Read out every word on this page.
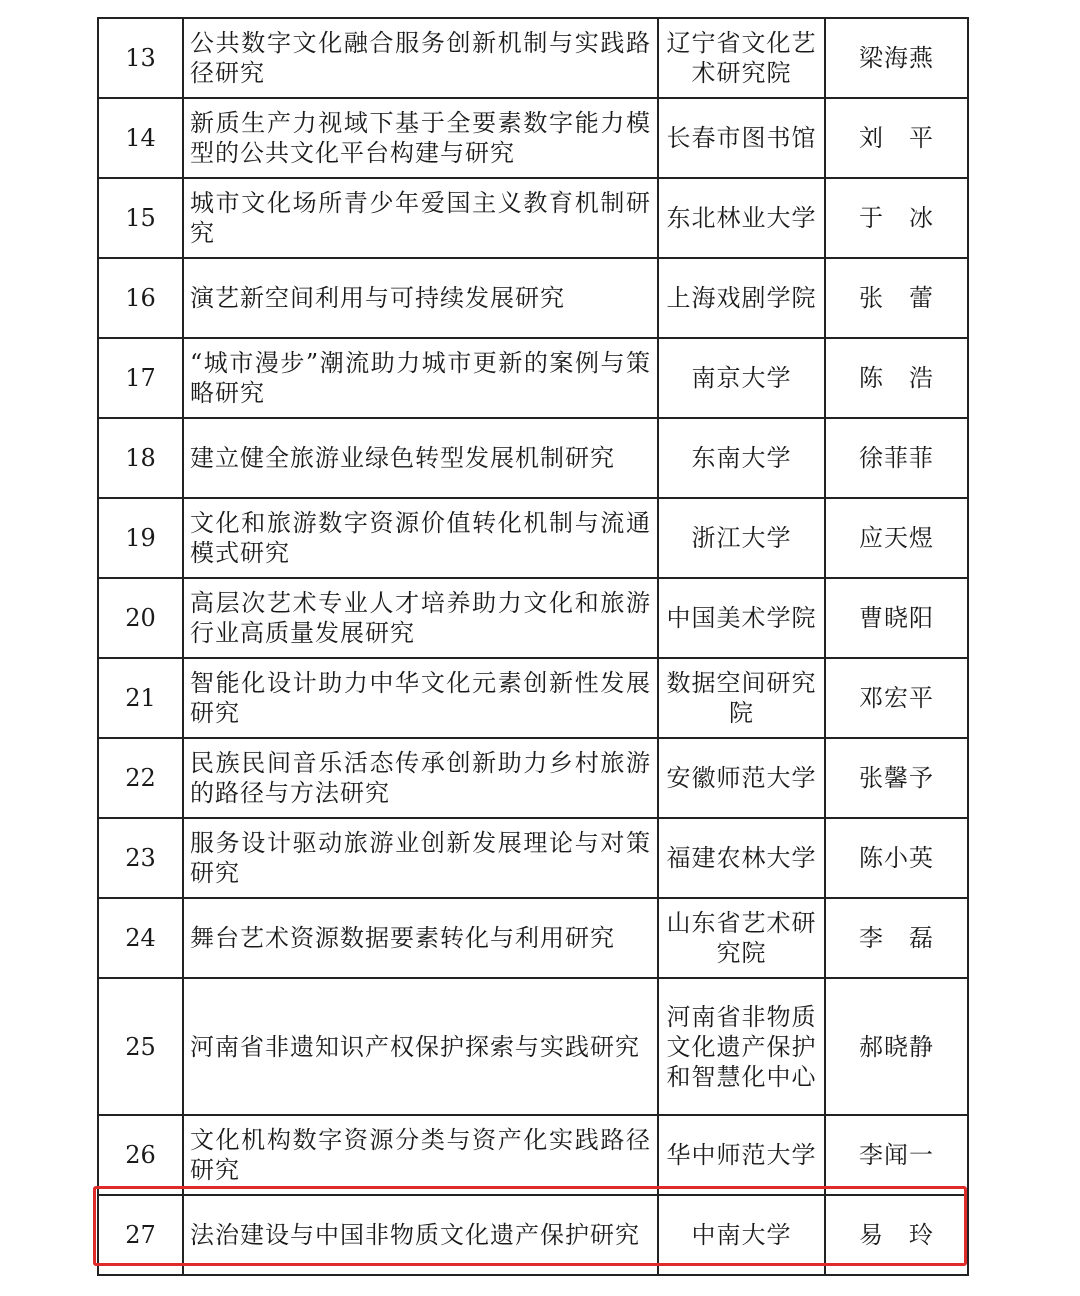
13	公共数字文化融合服务创新机制与实践路径研究	辽宁省文化艺术研究院	梁海燕
14	新质生产力视域下基于全要素数字能力模型的公共文化平台构建与研究	长春市图书馆	刘　平
15	城市文化场所青少年爱国主义教育机制研究	东北林业大学	于　冰
16	演艺新空间利用与可持续发展研究	上海戏剧学院	张　蕾
17	“城市漫步”潮流助力城市更新的案例与策略研究	南京大学	陈　浩
18	建立健全旅游业绿色转型发展机制研究	东南大学	徐菲菲
19	文化和旅游数字资源价值转化机制与流通模式研究	浙江大学	应天煜
20	高层次艺术专业人才培养助力文化和旅游行业高质量发展研究	中国美术学院	曹晓阳
21	智能化设计助力中华文化元素创新性发展研究	数据空间研究院	邓宏平
22	民族民间音乐活态传承创新助力乡村旅游的路径与方法研究	安徽师范大学	张馨予
23	服务设计驱动旅游业创新发展理论与对策研究	福建农林大学	陈小英
24	舞台艺术资源数据要素转化与利用研究	山东省艺术研究院	李　磊
25	河南省非遗知识产权保护探索与实践研究	河南省非物质文化遗产保护和智慧化中心	郝晓静
26	文化机构数字资源分类与资产化实践路径研究	华中师范大学	李闻一
27	法治建设与中国非物质文化遗产保护研究	中南大学	易　玲
